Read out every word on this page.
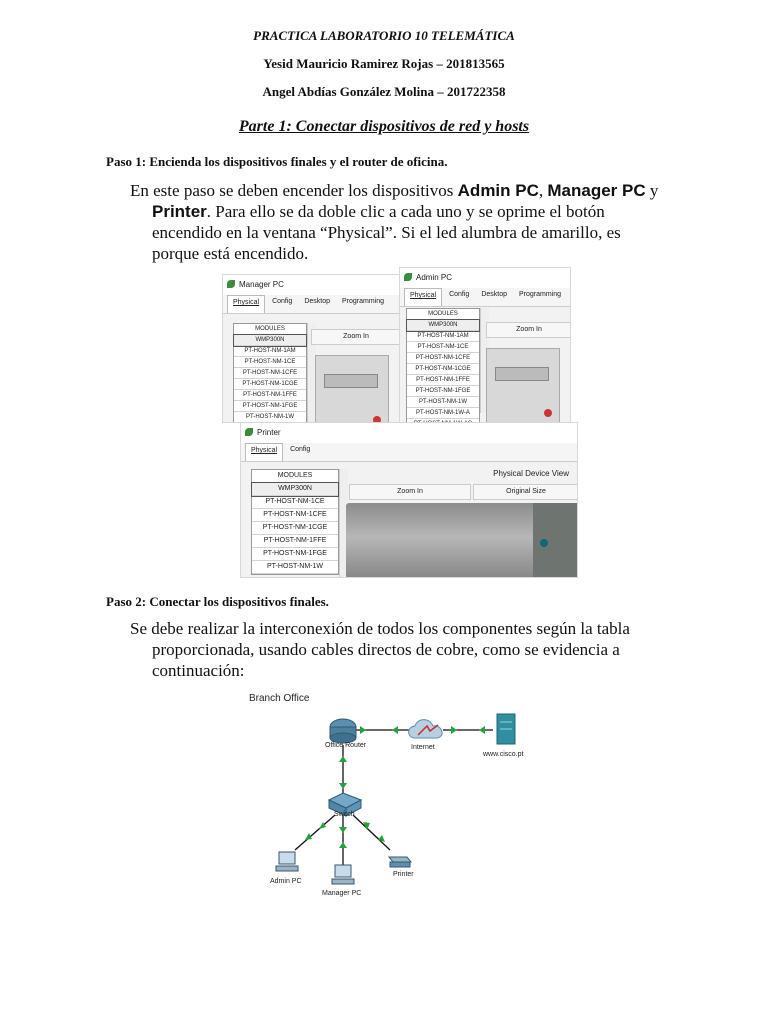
PRACTICA LABORATORIO 10 TELEMÁTICA
Yesid Mauricio Ramirez Rojas – 201813565
Angel Abdías González Molina – 201722358
Parte 1: Conectar dispositivos de red y hosts
Paso 1: Encienda los dispositivos finales y el router de oficina.
En este paso se deben encender los dispositivos Admin PC, Manager PC y Printer. Para ello se da doble clic a cada uno y se oprime el botón encendido en la ventana “Physical”. Si el led alumbra de amarillo, es porque está encendido.
Manager PC
Physical	Config	Desktop	Programming
MODULES
WMP300N
PT-HOST-NM-1AM
PT-HOST-NM-1CE
PT-HOST-NM-1CFE
PT-HOST-NM-1CGE
PT-HOST-NM-1FFE
PT-HOST-NM-1FGE
PT-HOST-NM-1W
Zoom In
Admin PC
Physical	Config	Desktop	Programming
MODULES
WMP300N
PT-HOST-NM-1AM
PT-HOST-NM-1CE
PT-HOST-NM-1CFE
PT-HOST-NM-1CGE
PT-HOST-NM-1FFE
PT-HOST-NM-1FGE
PT-HOST-NM-1W
PT-HOST-NM-1W-A
Zoom In
Printer
Physical	Config
MODULES
WMP300N
PT-HOST-NM-1CE
PT-HOST-NM-1CFE
PT-HOST-NM-1CGE
PT-HOST-NM-1FFE
PT-HOST-NM-1FGE
PT-HOST-NM-1W
Physical Device View
Zoom In	Original Size
Paso 2: Conectar los dispositivos finales.
Se debe realizar la interconexión de todos los componentes según la tabla proporcionada, usando cables directos de cobre, como se evidencia a continuación:
Branch Office
Office Router	Internet
www.cisco.pt
Switch
Admin PC
Manager PC
Printer
